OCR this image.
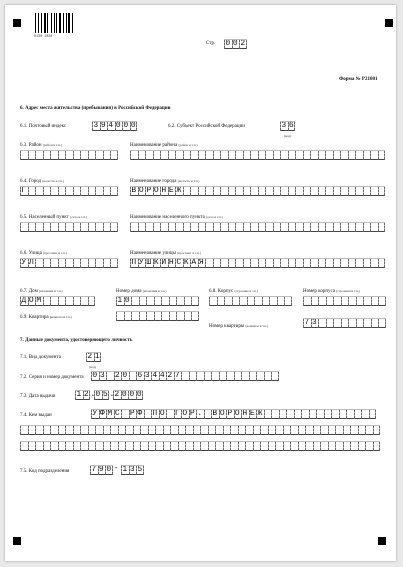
0130 1020
Стр. 0 0 2
Форма № Р21001
6. Адрес места жительства (пребывания) в Российской Федерации
6.1. Почтовый индекс	3 9 4 0 0 0	6.2. Субъект Российской Федерации	3 6
(код)
6.3. Район (район и т.п.)	Наименование района (район и т.п.)
6.4. Город (волость и т.п.)	Наименование города (волость и т.п.)
Г	В О Р О Н Е Ж
6.5. Населенный пункт (село и т.п.)	Наименование населенного пункта (село и т.п.)
6.6. Улица (проспект и т.п.)	Наименование улицы (проспект и т.п.)
У Л	П У Ш К И Н С К А Я
6.7. Дом (владение и т.п.)	Номер дома (владения и т.п.)	6.8. Корпус (строение и т.п.)	Номер корпуса (строения и т.п.)
Д О М	1 0
6.9. Квартира (комната и т.п.)
Номер квартиры (комнаты и т.п.)	7 3
7. Данные документа, удостоверяющего личность
7.1. Вид документа	2 1
(код)
7.2. Серия и номер документа 0 3 2 0 6 3 4 4 2 7
7.3. Дата выдачи	1 2 . 0 5 . 2 0 0 0
7.4. Кем выдан	У Ф М С Р Ф П О Г О Р . В О Р О Н Е Ж
7.5. Код подразделения	7 9 0 - 1 3 5
